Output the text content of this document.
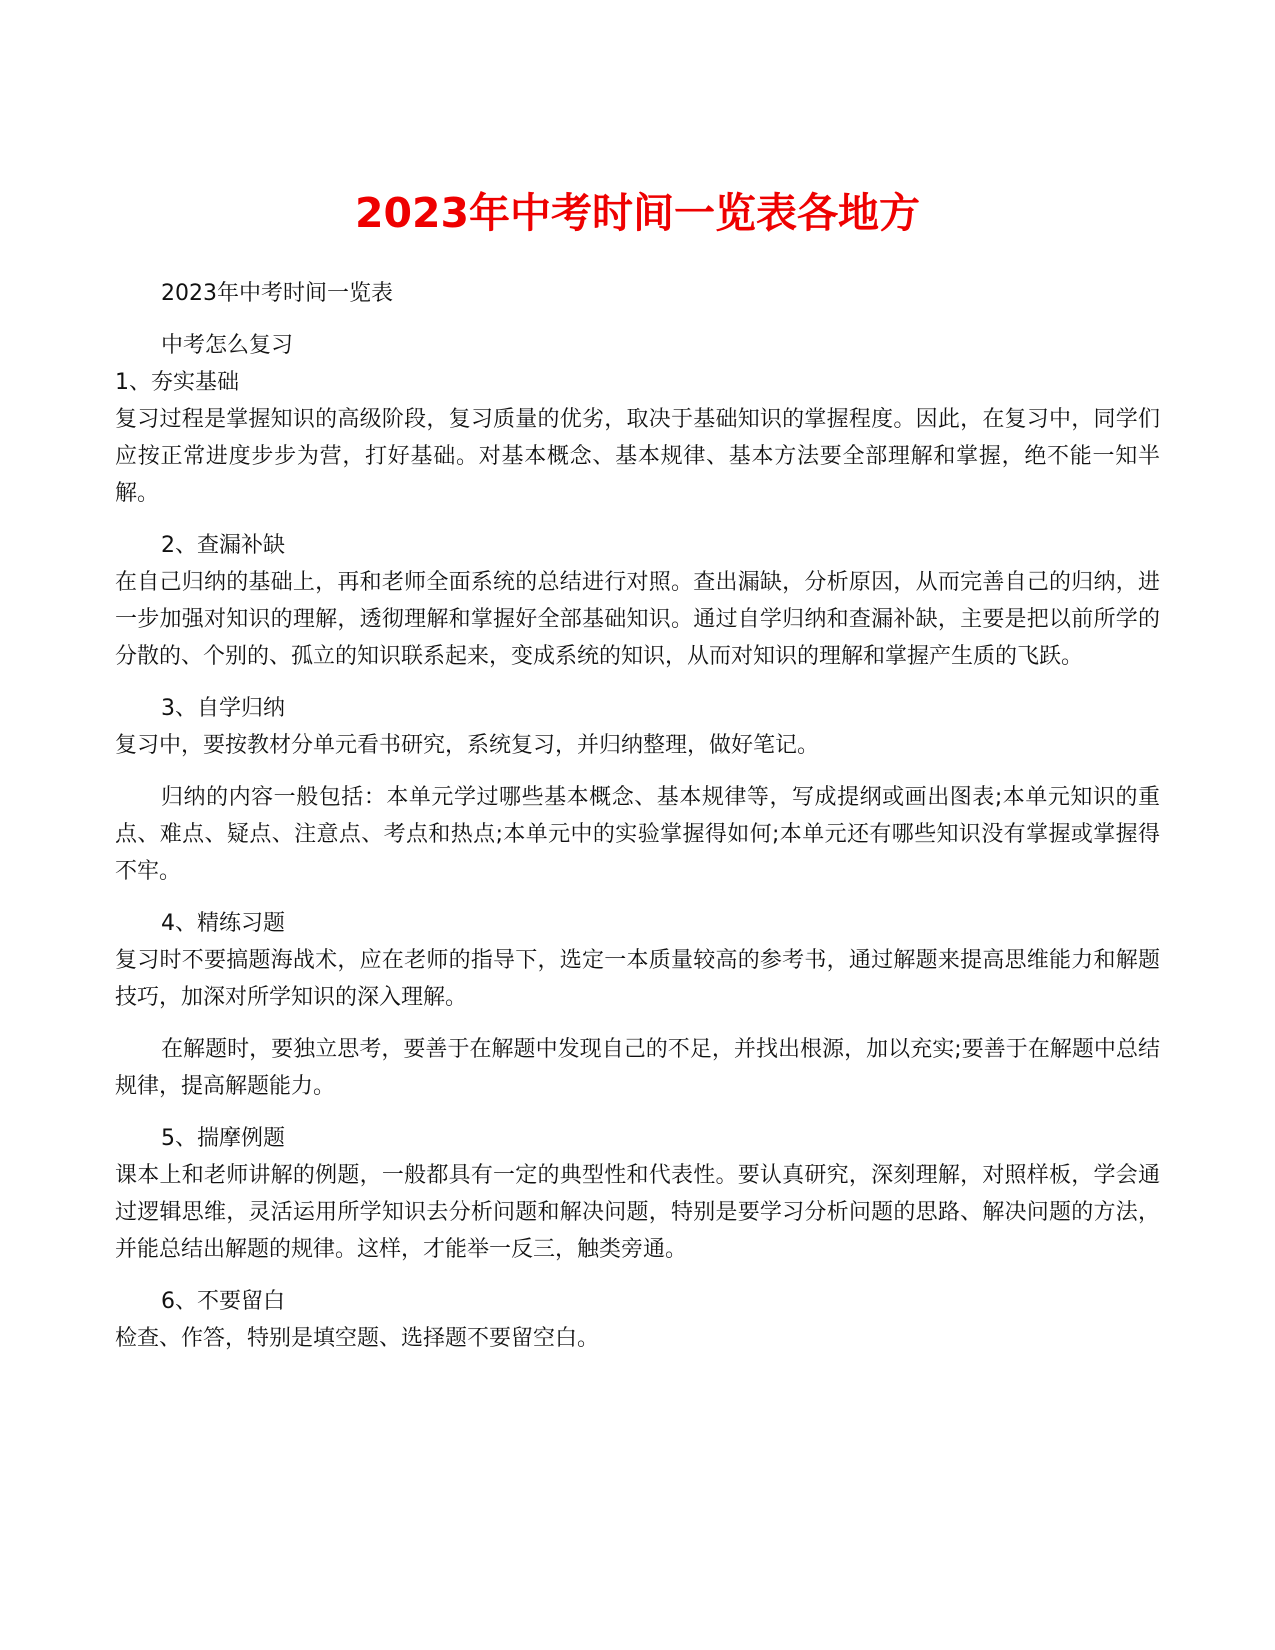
2023年中考时间一览表各地方

2023年中考时间一览表

中考怎么复习

1、夯实基础

复习过程是掌握知识的高级阶段，复习质量的优劣，取决于基础知识的掌握程度。因此，在复习中，同学们应按正常进度步步为营，打好基础。对基本概念、基本规律、基本方法要全部理解和掌握，绝不能一知半解。

2、查漏补缺

在自己归纳的基础上，再和老师全面系统的总结进行对照。查出漏缺，分析原因，从而完善自己的归纳，进一步加强对知识的理解，透彻理解和掌握好全部基础知识。通过自学归纳和查漏补缺，主要是把以前所学的分散的、个别的、孤立的知识联系起来，变成系统的知识，从而对知识的理解和掌握产生质的飞跃。

3、自学归纳

复习中，要按教材分单元看书研究，系统复习，并归纳整理，做好笔记。

归纳的内容一般包括：本单元学过哪些基本概念、基本规律等，写成提纲或画出图表;本单元知识的重点、难点、疑点、注意点、考点和热点;本单元中的实验掌握得如何;本单元还有哪些知识没有掌握或掌握得不牢。

4、精练习题

复习时不要搞题海战术，应在老师的指导下，选定一本质量较高的参考书，通过解题来提高思维能力和解题技巧，加深对所学知识的深入理解。

在解题时，要独立思考，要善于在解题中发现自己的不足，并找出根源，加以充实;要善于在解题中总结规律，提高解题能力。

5、揣摩例题

课本上和老师讲解的例题，一般都具有一定的典型性和代表性。要认真研究，深刻理解，对照样板，学会通过逻辑思维，灵活运用所学知识去分析问题和解决问题，特别是要学习分析问题的思路、解决问题的方法，并能总结出解题的规律。这样，才能举一反三，触类旁通。

6、不要留白

检查、作答，特别是填空题、选择题不要留空白。
